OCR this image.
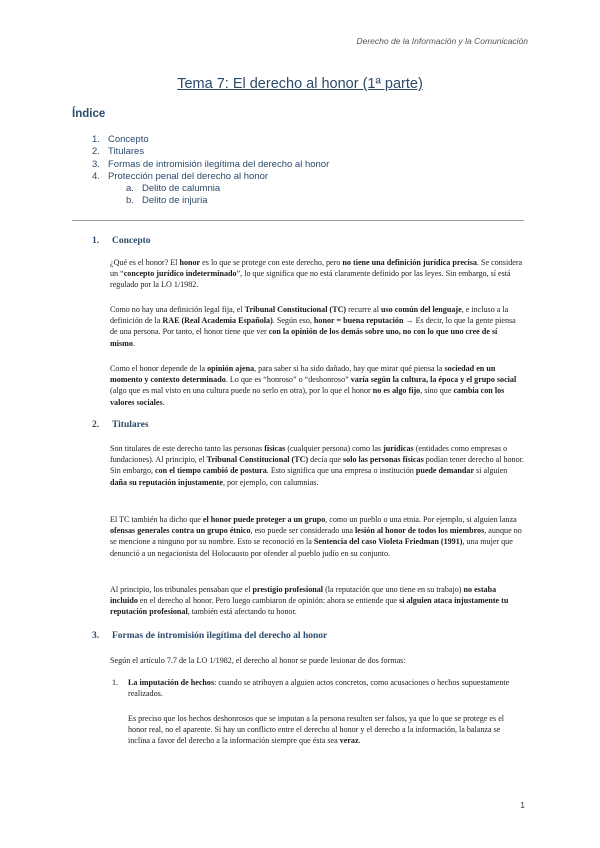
Derecho de la Información y la Comunicación
Tema 7: El derecho al honor (1ª parte)
Índice
1. Concepto
2. Titulares
3. Formas de intromisión ilegítima del derecho al honor
4. Protección penal del derecho al honor
a. Delito de calumnia
b. Delito de injuria
1. Concepto

¿Qué es el honor? El honor es lo que se protege con este derecho, pero no tiene una definición jurídica precisa. Se considera un “concepto jurídico indeterminado”, lo que significa que no está claramente definido por las leyes. Sin embargo, sí está regulado por la LO 1/1982.

Como no hay una definición legal fija, el Tribunal Constitucional (TC) recurre al uso común del lenguaje, e incluso a la definición de la RAE (Real Academia Española). Según eso, honor = buena reputación → Es decir, lo que la gente piensa de una persona. Por tanto, el honor tiene que ver con la opinión de los demás sobre uno, no con lo que uno cree de sí mismo.

Como el honor depende de la opinión ajena, para saber si ha sido dañado, hay que mirar qué piensa la sociedad en un momento y contexto determinado. Lo que es “honroso” o “deshonroso” varía según la cultura, la época y el grupo social (algo que es mal visto en una cultura puede no serlo en otra), por lo que el honor no es algo fijo, sino que cambia con los valores sociales.

2. Titulares

Son titulares de este derecho tanto las personas físicas (cualquier persona) como las jurídicas (entidades como empresas o fundaciones). Al principio, el Tribunal Constitucional (TC) decía que solo las personas físicas podían tener derecho al honor. Sin embargo, con el tiempo cambió de postura. Esto significa que una empresa o institución puede demandar si alguien daña su reputación injustamente, por ejemplo, con calumnias.

El TC también ha dicho que el honor puede proteger a un grupo, como un pueblo o una etnia. Por ejemplo, si alguien lanza ofensas generales contra un grupo étnico, eso puede ser considerado una lesión al honor de todos los miembros, aunque no se mencione a ninguno por su nombre. Esto se reconoció en la Sentencia del caso Violeta Friedman (1991), una mujer que denunció a un negacionista del Holocausto por ofender al pueblo judío en su conjunto.

Al principio, los tribunales pensaban que el prestigio profesional (la reputación que uno tiene en su trabajo) no estaba incluido en el derecho al honor. Pero luego cambiaron de opinión: ahora se entiende que si alguien ataca injustamente tu reputación profesional, también está afectando tu honor.

3. Formas de intromisión ilegítima del derecho al honor

Según el artículo 7.7 de la LO 1/1982, el derecho al honor se puede lesionar de dos formas:

1. La imputación de hechos: cuando se atribuyen a alguien actos concretos, como acusaciones o hechos supuestamente realizados.

Es preciso que los hechos deshonrosos que se imputan a la persona resulten ser falsos, ya que lo que se protege es el honor real, no el aparente. Si hay un conflicto entre el derecho al honor y el derecho a la información, la balanza se inclina a favor del derecho a la información siempre que ésta sea veraz.

1
